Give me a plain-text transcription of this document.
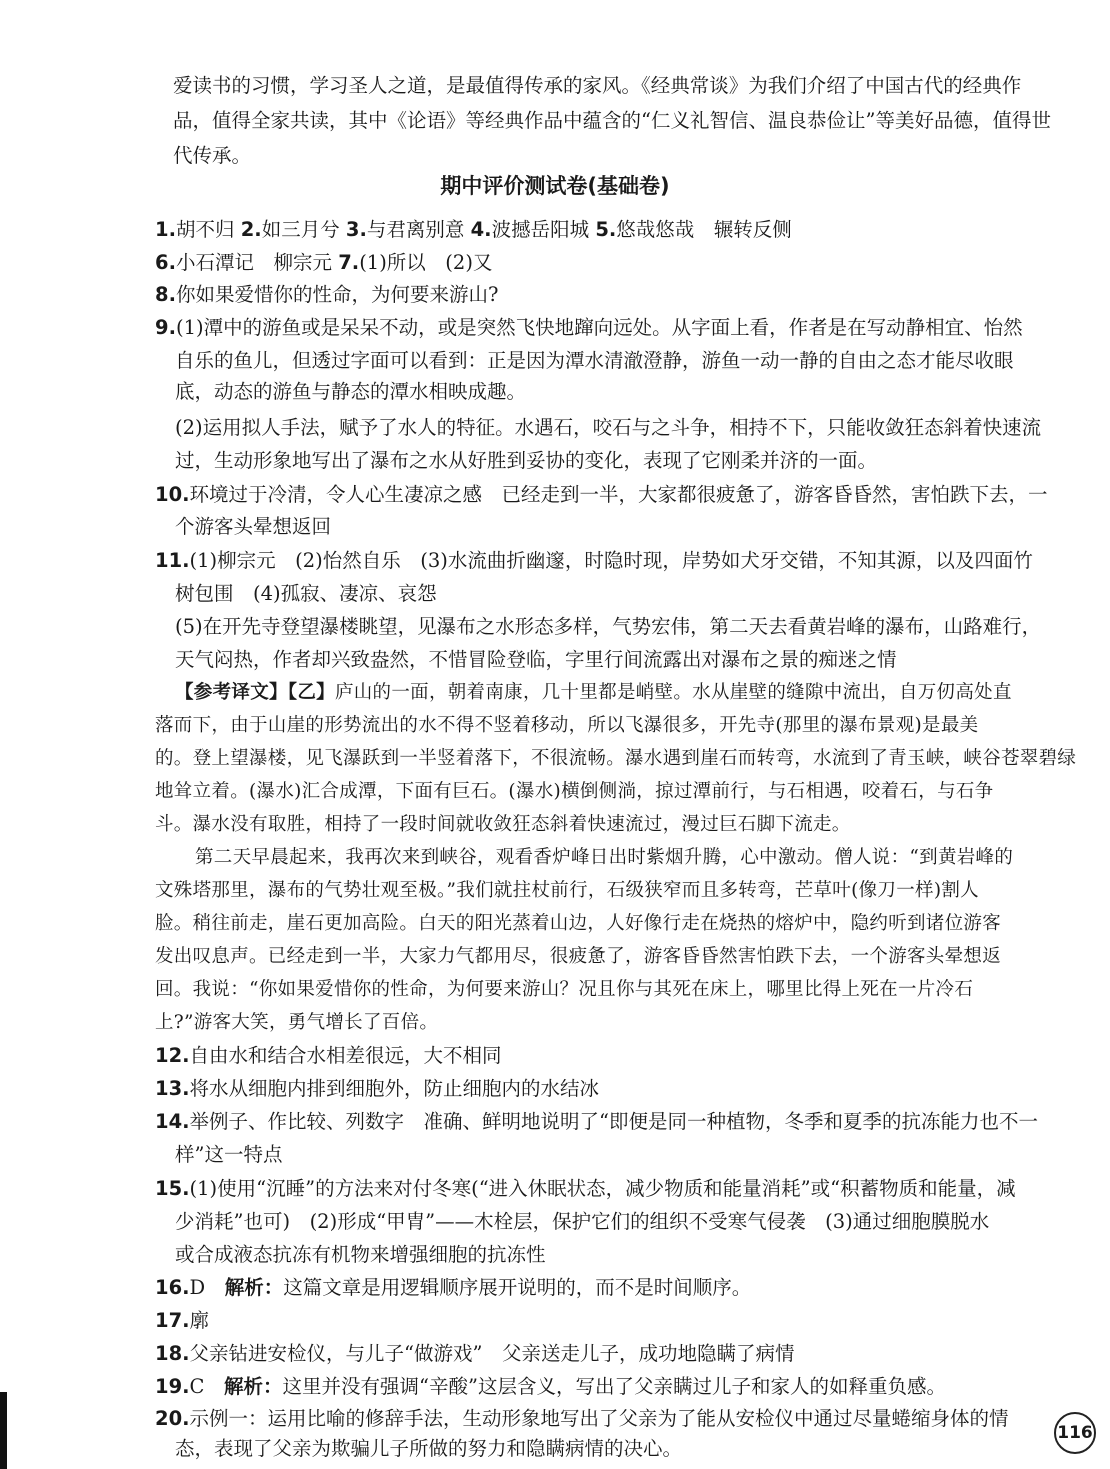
爱读书的习惯，学习圣人之道，是最值得传承的家风。《经典常谈》为我们介绍了中国古代的经典作
品，值得全家共读，其中《论语》等经典作品中蕴含的“仁义礼智信、温良恭俭让”等美好品德，值得世
代传承。
期中评价测试卷(基础卷)
1.胡不归 2.如三月兮 3.与君离别意 4.波撼岳阳城 5.悠哉悠哉　辗转反侧
6.小石潭记　柳宗元 7.(1)所以　(2)又
8.你如果爱惜你的性命，为何要来游山?
9.(1)潭中的游鱼或是呆呆不动，或是突然飞快地蹿向远处。从字面上看，作者是在写动静相宜、怡然
自乐的鱼儿，但透过字面可以看到：正是因为潭水清澈澄静，游鱼一动一静的自由之态才能尽收眼
底，动态的游鱼与静态的潭水相映成趣。
(2)运用拟人手法，赋予了水人的特征。水遇石，咬石与之斗争，相持不下，只能收敛狂态斜着快速流
过，生动形象地写出了瀑布之水从好胜到妥协的变化，表现了它刚柔并济的一面。
10.环境过于冷清，令人心生凄凉之感　已经走到一半，大家都很疲惫了，游客昏昏然，害怕跌下去，一
个游客头晕想返回
11.(1)柳宗元　(2)怡然自乐　(3)水流曲折幽邃，时隐时现，岸势如犬牙交错，不知其源，以及四面竹
树包围　(4)孤寂、凄凉、哀怨
(5)在开先寺登望瀑楼眺望，见瀑布之水形态多样，气势宏伟，第二天去看黄岩峰的瀑布，山路难行，
天气闷热，作者却兴致盎然，不惜冒险登临，字里行间流露出对瀑布之景的痴迷之情
【参考译文】【乙】庐山的一面，朝着南康，几十里都是峭壁。水从崖壁的缝隙中流出，自万仞高处直
落而下，由于山崖的形势流出的水不得不竖着移动，所以飞瀑很多，开先寺(那里的瀑布景观)是最美
的。登上望瀑楼，见飞瀑跃到一半竖着落下，不很流畅。瀑水遇到崖石而转弯，水流到了青玉峡，峡谷苍翠碧绿
地耸立着。(瀑水)汇合成潭，下面有巨石。(瀑水)横倒侧淌，掠过潭前行，与石相遇，咬着石，与石争
斗。瀑水没有取胜，相持了一段时间就收敛狂态斜着快速流过，漫过巨石脚下流走。
第二天早晨起来，我再次来到峡谷，观看香炉峰日出时紫烟升腾，心中激动。僧人说：“到黄岩峰的
文殊塔那里，瀑布的气势壮观至极。”我们就拄杖前行，石级狭窄而且多转弯，芒草叶(像刀一样)割人
脸。稍往前走，崖石更加高险。白天的阳光蒸着山边，人好像行走在烧热的熔炉中，隐约听到诸位游客
发出叹息声。已经走到一半，大家力气都用尽，很疲惫了，游客昏昏然害怕跌下去，一个游客头晕想返
回。我说：“你如果爱惜你的性命，为何要来游山？况且你与其死在床上，哪里比得上死在一片冷石
上?”游客大笑，勇气增长了百倍。
12.自由水和结合水相差很远，大不相同
13.将水从细胞内排到细胞外，防止细胞内的水结冰
14.举例子、作比较、列数字　准确、鲜明地说明了“即便是同一种植物，冬季和夏季的抗冻能力也不一
样”这一特点
15.(1)使用“沉睡”的方法来对付冬寒(“进入休眠状态，减少物质和能量消耗”或“积蓄物质和能量，减
少消耗”也可)　(2)形成“甲胄”——木栓层，保护它们的组织不受寒气侵袭　(3)通过细胞膜脱水
或合成液态抗冻有机物来增强细胞的抗冻性
16.D　 解析：这篇文章是用逻辑顺序展开说明的，而不是时间顺序。
17.廓
18.父亲钻进安检仪，与儿子“做游戏”　父亲送走儿子，成功地隐瞒了病情
19.C　 解析：这里并没有强调“辛酸”这层含义，写出了父亲瞒过儿子和家人的如释重负感。
20.示例一：运用比喻的修辞手法，生动形象地写出了父亲为了能从安检仪中通过尽量蜷缩身体的情
态，表现了父亲为欺骗儿子所做的努力和隐瞒病情的决心。
116
